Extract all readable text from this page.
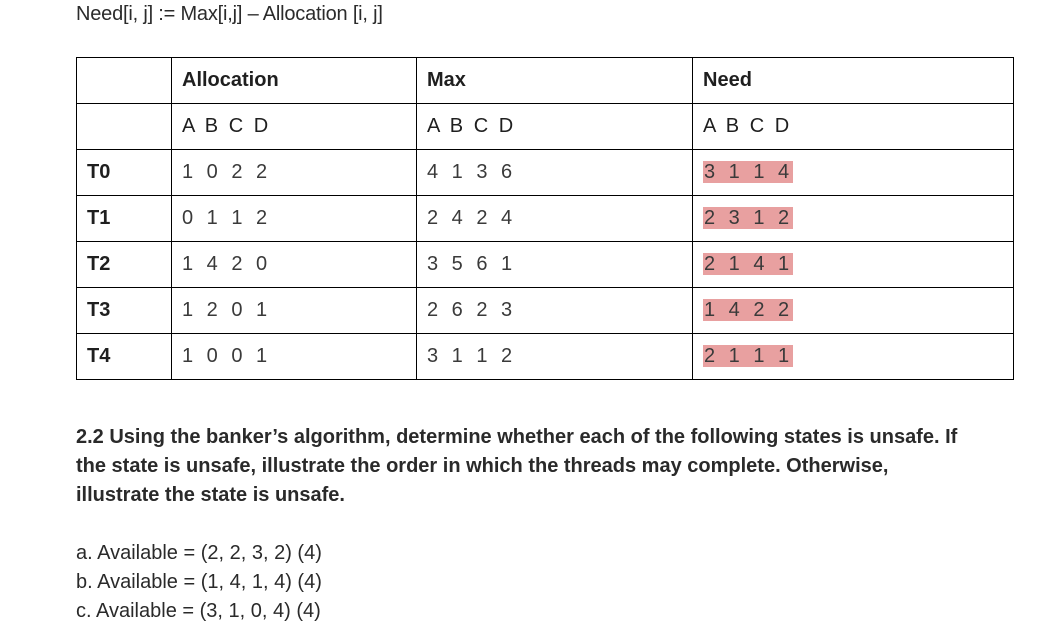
Need[i, j] := Max[i,j] – Allocation [i, j]
	Allocation	Max	Need
	A B C D	A B C D	A B C D
T0	1 0 2 2	4 1 3 6	3 1 1 4
T1	0 1 1 2	2 4 2 4	2 3 1 2
T2	1 4 2 0	3 5 6 1	2 1 4 1
T3	1 2 0 1	2 6 2 3	1 4 2 2
T4	1 0 0 1	3 1 1 2	2 1 1 1
2.2 Using the banker’s algorithm, determine whether each of the following states is unsafe. If the state is unsafe, illustrate the order in which the threads may complete. Otherwise, illustrate the state is unsafe.
a. Available = (2, 2, 3, 2) (4)
b. Available = (1, 4, 1, 4) (4)
c. Available = (3, 1, 0, 4) (4)
